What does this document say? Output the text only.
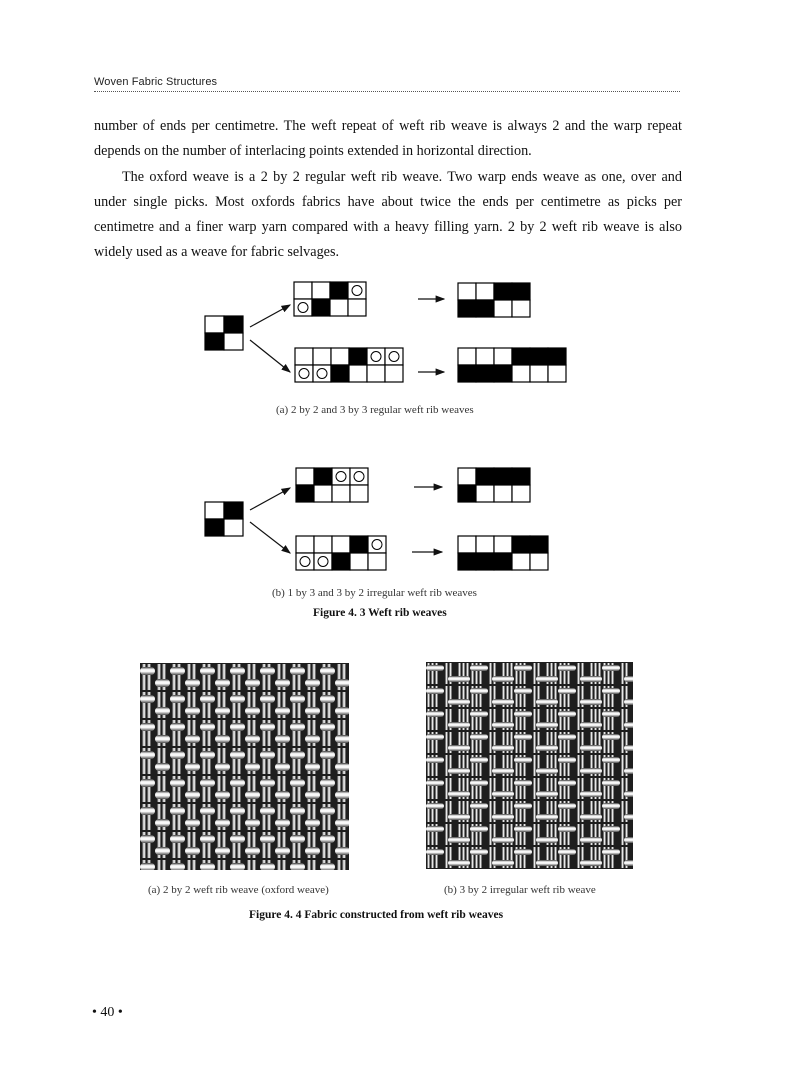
Woven Fabric Structures

number of ends per centimetre. The weft repeat of weft rib weave is always 2 and the warp repeat depends on the number of interlacing points extended in horizontal direction.

The oxford weave is a 2 by 2 regular weft rib weave. Two warp ends weave as one, over and under single picks. Most oxfords fabrics have about twice the ends per centimetre as picks per centimetre and a finer warp yarn compared with a heavy filling yarn. 2 by 2 weft rib weave is also widely used as a weave for fabric selvages.

(a) 2 by 2 and 3 by 3 regular weft rib weaves
(b) 1 by 3 and 3 by 2 irregular weft rib weaves
Figure 4. 3 Weft rib weaves
(a) 2 by 2 weft rib weave (oxford weave)	(b) 3 by 2 irregular weft rib weave
Figure 4. 4 Fabric constructed from weft rib weaves
• 40 •
